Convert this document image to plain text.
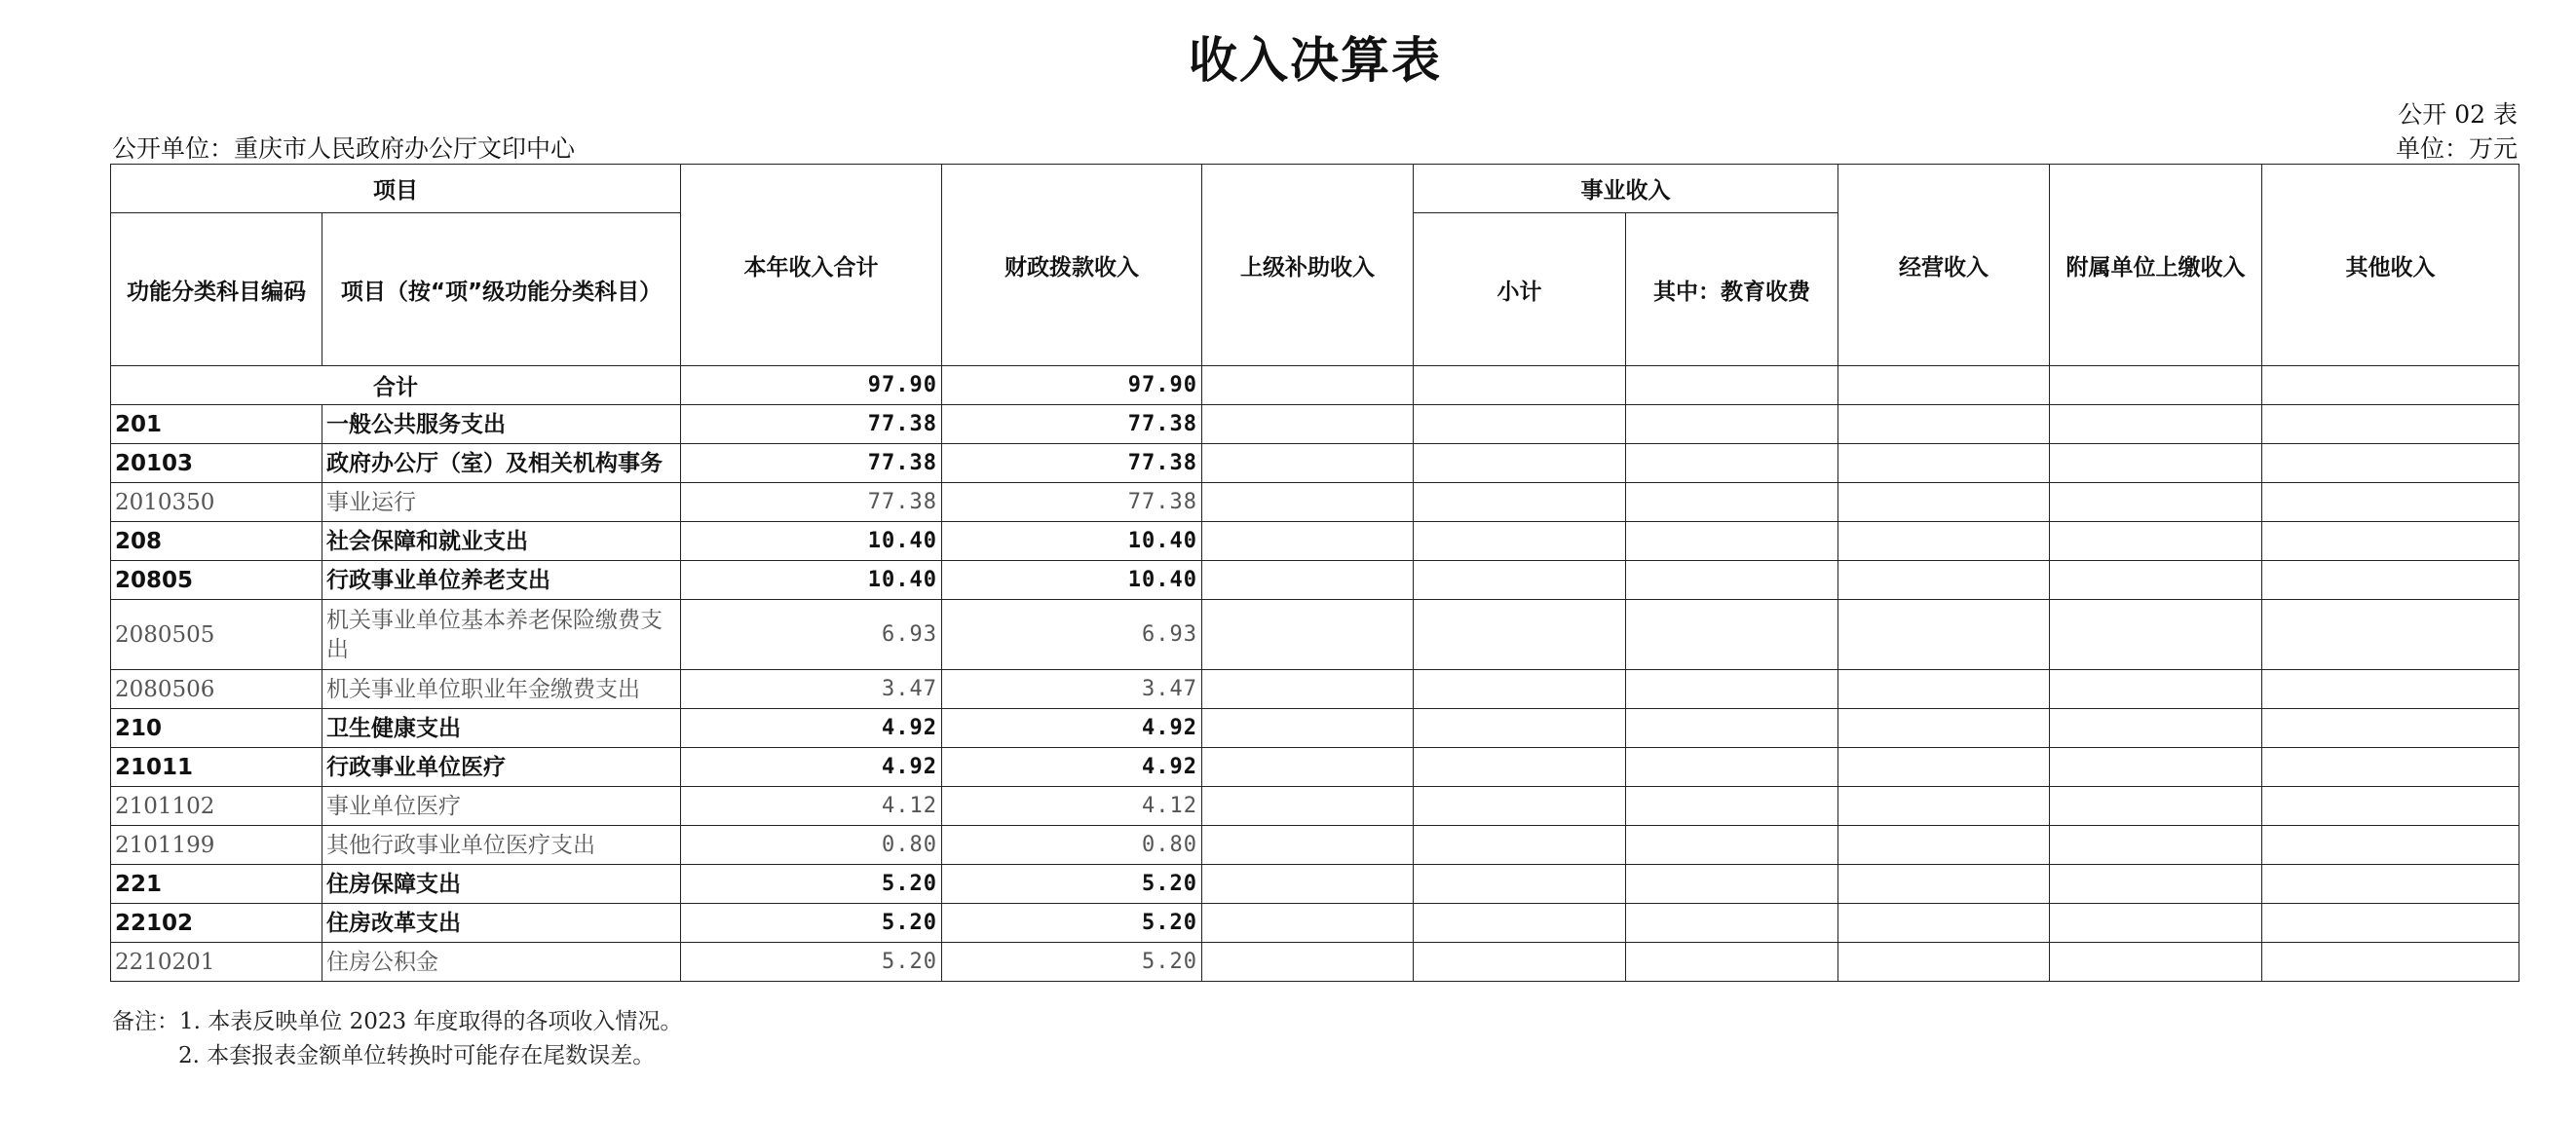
收入决算表
公开 02 表
公开单位：重庆市人民政府办公厅文印中心	单位：万元
项目		本年收入合计	财政拨款收入	上级补助收入	事业收入		经营收入	附属单位上缴收入	其他收入
功能分类科目编码	项目（按“项”级功能分类科目）				小计	其中：教育收费			
合计		97.90	97.90						
201	一般公共服务支出	77.38	77.38						
20103	政府办公厅（室）及相关机构事务	77.38	77.38						
2010350	事业运行	77.38	77.38						
208	社会保障和就业支出	10.40	10.40						
20805	行政事业单位养老支出	10.40	10.40						
2080505	机关事业单位基本养老保险缴费支出	6.93	6.93						
2080506	机关事业单位职业年金缴费支出	3.47	3.47						
210	卫生健康支出	4.92	4.92						
21011	行政事业单位医疗	4.92	4.92						
2101102	事业单位医疗	4.12	4.12						
2101199	其他行政事业单位医疗支出	0.80	0.80						
221	住房保障支出	5.20	5.20						
22102	住房改革支出	5.20	5.20						
2210201	住房公积金	5.20	5.20						
备注：1. 本表反映单位 2023 年度取得的各项收入情况。
2. 本套报表金额单位转换时可能存在尾数误差。
